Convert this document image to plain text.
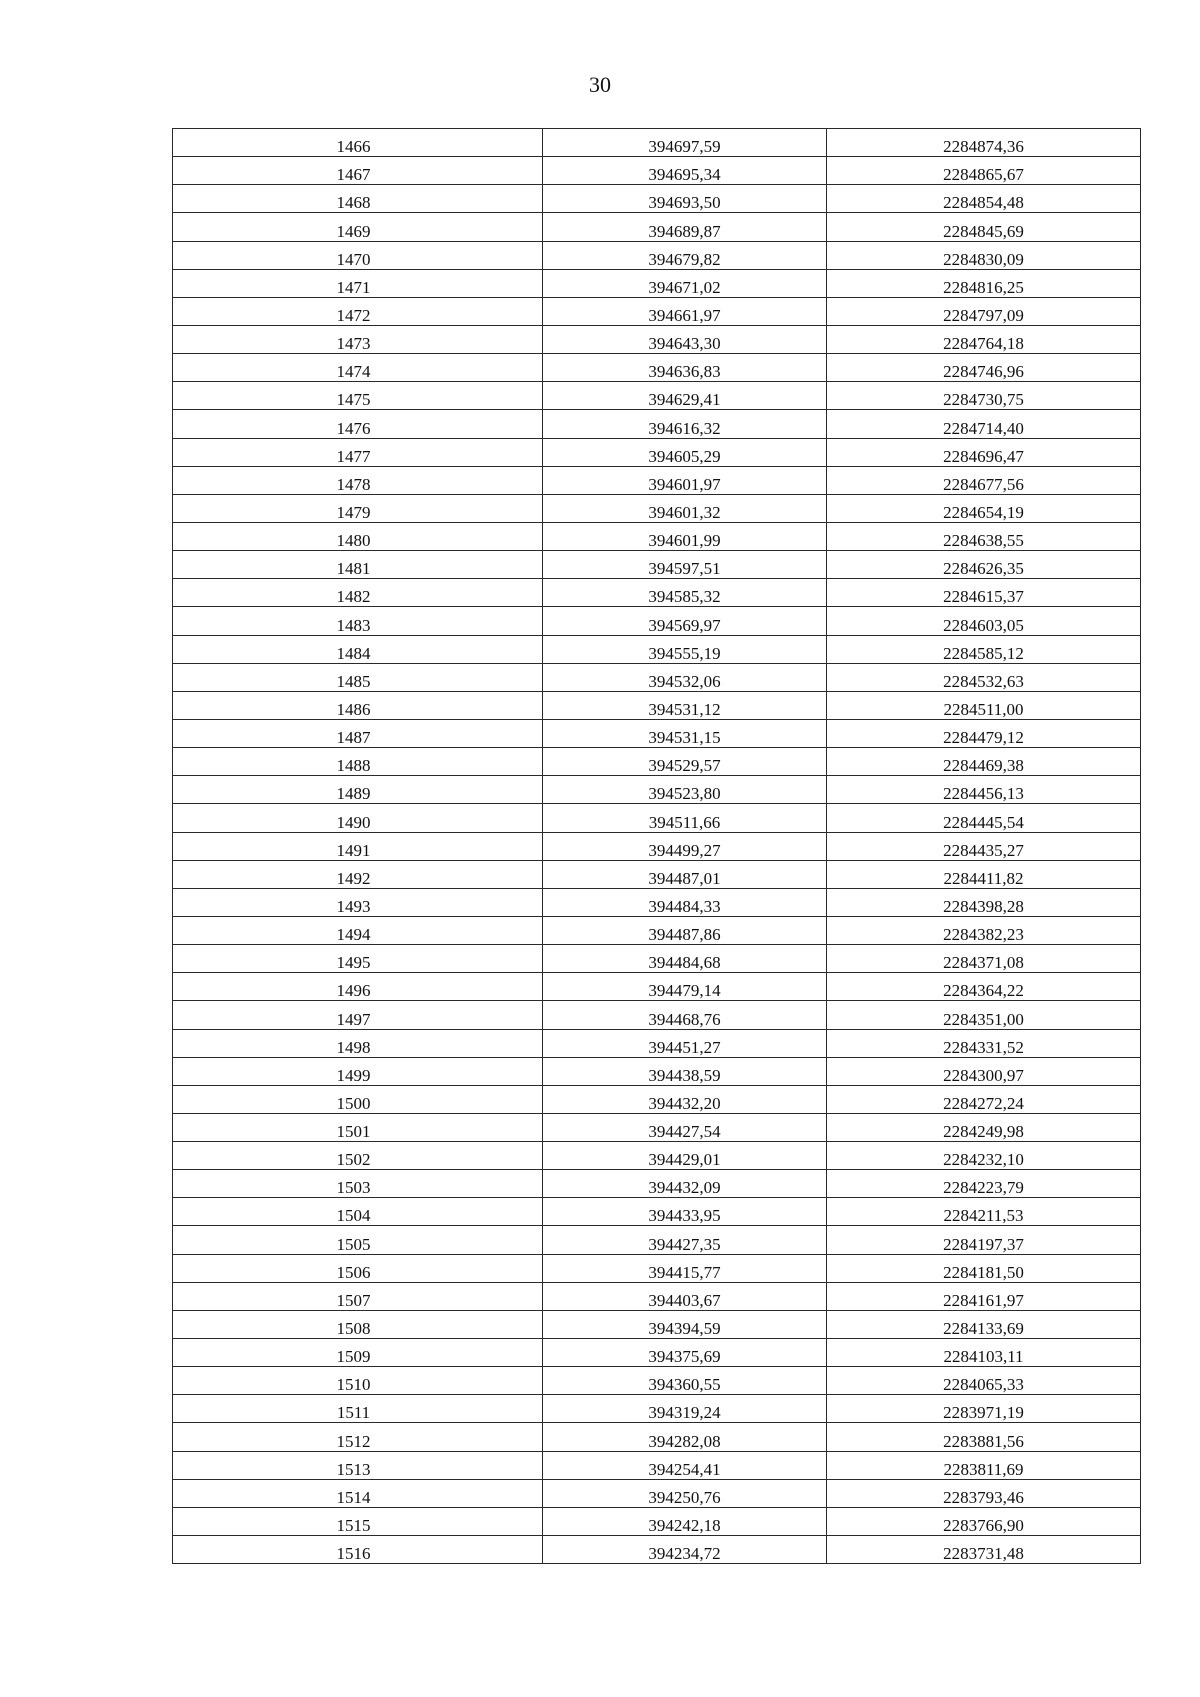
30
1466	394697,59	2284874,36
1467	394695,34	2284865,67
1468	394693,50	2284854,48
1469	394689,87	2284845,69
1470	394679,82	2284830,09
1471	394671,02	2284816,25
1472	394661,97	2284797,09
1473	394643,30	2284764,18
1474	394636,83	2284746,96
1475	394629,41	2284730,75
1476	394616,32	2284714,40
1477	394605,29	2284696,47
1478	394601,97	2284677,56
1479	394601,32	2284654,19
1480	394601,99	2284638,55
1481	394597,51	2284626,35
1482	394585,32	2284615,37
1483	394569,97	2284603,05
1484	394555,19	2284585,12
1485	394532,06	2284532,63
1486	394531,12	2284511,00
1487	394531,15	2284479,12
1488	394529,57	2284469,38
1489	394523,80	2284456,13
1490	394511,66	2284445,54
1491	394499,27	2284435,27
1492	394487,01	2284411,82
1493	394484,33	2284398,28
1494	394487,86	2284382,23
1495	394484,68	2284371,08
1496	394479,14	2284364,22
1497	394468,76	2284351,00
1498	394451,27	2284331,52
1499	394438,59	2284300,97
1500	394432,20	2284272,24
1501	394427,54	2284249,98
1502	394429,01	2284232,10
1503	394432,09	2284223,79
1504	394433,95	2284211,53
1505	394427,35	2284197,37
1506	394415,77	2284181,50
1507	394403,67	2284161,97
1508	394394,59	2284133,69
1509	394375,69	2284103,11
1510	394360,55	2284065,33
1511	394319,24	2283971,19
1512	394282,08	2283881,56
1513	394254,41	2283811,69
1514	394250,76	2283793,46
1515	394242,18	2283766,90
1516	394234,72	2283731,48
